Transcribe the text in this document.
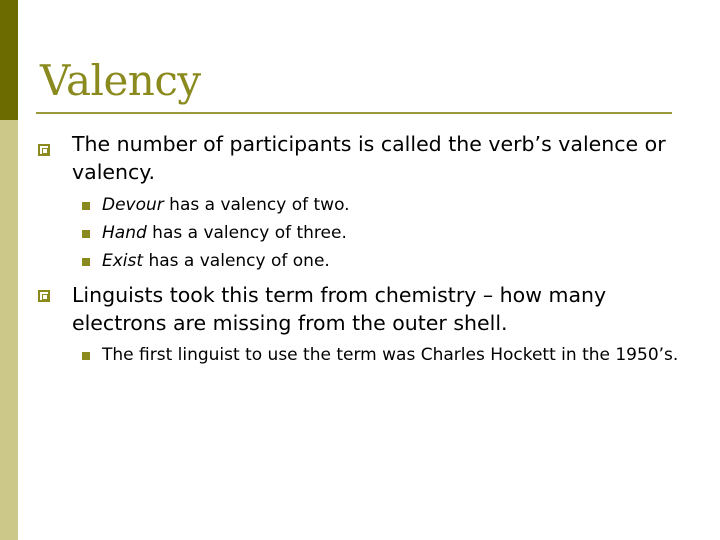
Valency
The number of participants is called the verb’s valence or valency.
Devour has a valency of two.
Hand has a valency of three.
Exist has a valency of one.
Linguists took this term from chemistry – how many electrons are missing from the outer shell.
The first linguist to use the term was Charles Hockett in the 1950’s.
